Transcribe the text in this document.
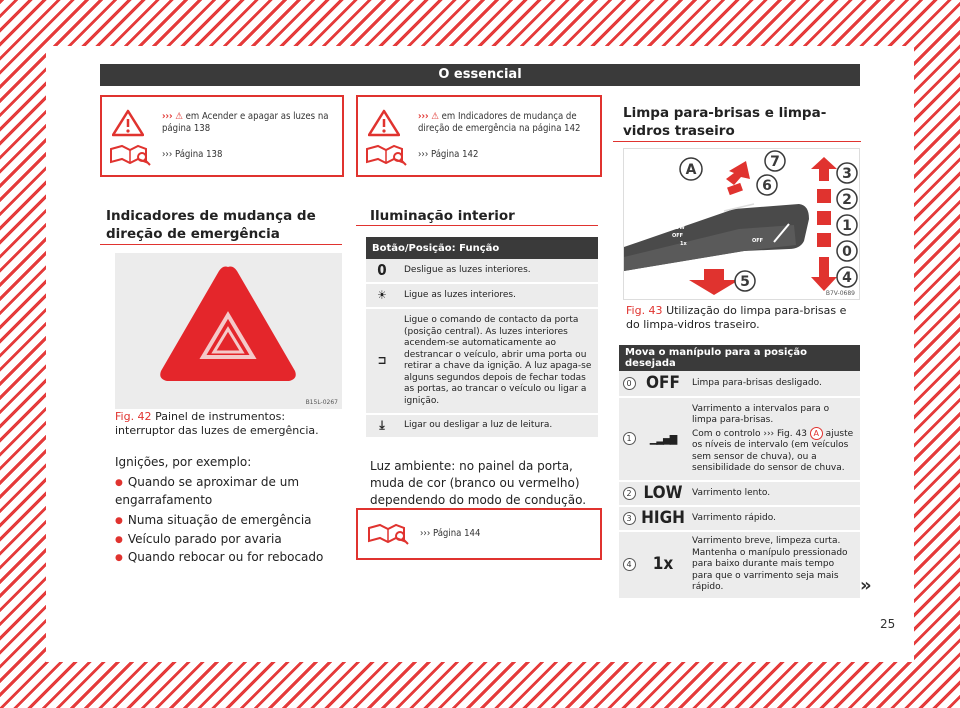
O essencial
››› ⚠ em Acender e apagar as luzes na página 138
››› Página 138
››› ⚠ em Indicadores de mudança de direção de emergência na página 142
››› Página 142
Indicadores de mudança de direção de emergência
B15L-0267
Fig. 42 Painel de instrumentos: interruptor das luzes de emergência.
Ignições, por exemplo:
● Quando se aproximar de um engarrafamento
● Numa situação de emergência
● Veículo parado por avaria
● Quando rebocar ou for rebocado
Iluminação interior
Botão/Posição: Função	
0	Desligue as luzes interiores.
☀	Ligue as luzes interiores.
⊐	Ligue o comando de contacto da porta (posição central). As luzes interiores acendem-se automaticamente ao destrancar o veículo, abrir uma porta ou retirar a chave da ignição. A luz apaga-se alguns segundos depois de fechar todas as portas, ao trancar o veículo ou ligar a ignição.
⤓	Ligar ou desligar a luz de leitura.
Luz ambiente: no painel da porta, muda de cor (branco ou vermelho) dependendo do modo de condução.
››› Página 144
Limpa para-brisas e limpa-vidros traseiro
HIGH
LOW
OFF
1x	OFF
A	7
6
5
3
2
1
0
4
B7V-0689
Fig. 43 Utilização do limpa para-brisas e do limpa-vidros traseiro.
Mova o manípulo para a posição desejada		
0	OFF	Limpa para-brisas desligado.
1	▁▂▄▆	Varrimento a intervalos para o limpa para-brisas.
Com o controlo ››› Fig. 43 A ajuste os níveis de intervalo (em veículos sem sensor de chuva), ou a sensibilidade do sensor de chuva.
2	LOW	Varrimento lento.
3	HIGH	Varrimento rápido.
4	1x	Varrimento breve, limpeza curta. Mantenha o manípulo pressionado para baixo durante mais tempo para que o varrimento seja mais rápido.	»
25
